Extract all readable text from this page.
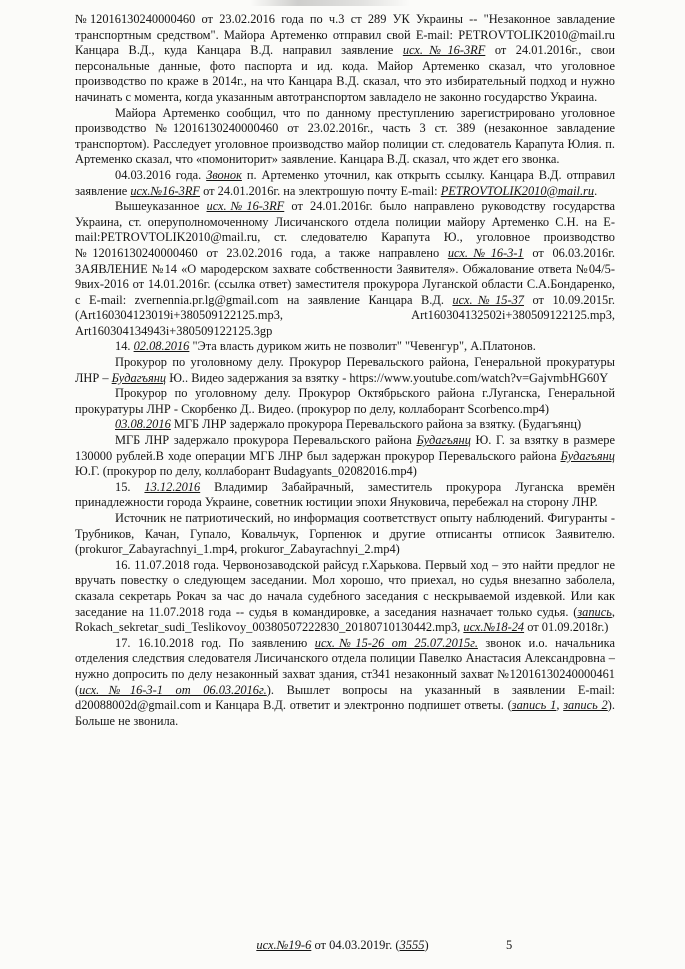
№12016130240000460 от 23.02.2016 года по ч.3 ст 289 УК Украины -- "Незаконное завладение транспортным средством". Майора Артеменко отправил свой E-mail: PETROVTOLIK2010@mail.ru Канцара В.Д., куда Канцара В.Д. направил заявление исх.№16-3RF от 24.01.2016г., свои персональные данные, фото паспорта и ид. кода. Майор Артеменко сказал, что уголовное производство по краже в 2014г., на что Канцара В.Д. сказал, что это избирательный подход и нужно начинать с момента, когда указанным автотранспортом завладело не законно государство Украина.

Майора Артеменко сообщил, что по данному преступлению зарегистрировано уголовное производство №12016130240000460 от 23.02.2016г., часть 3 ст. 389 (незаконное завладение транспортом). Расследует уголовное производство майор полиции ст. следователь Карапута Юлия. п. Артеменко сказал, что «помониторит» заявление. Канцара В.Д. сказал, что ждет его звонка.

04.03.2016 года. Звонок п. Артеменко уточнил, как открыть ссылку. Канцара В.Д. отправил заявление исх.№16-3RF от 24.01.2016г. на электрошую почту E-mail: PETROVTOLIK2010@mail.ru.

Вышеуказанное исх.№16-3RF от 24.01.2016г. было направлено руководству государства Украина, ст. оперуполномоченному Лисичанского отдела полиции майору Артеменко С.Н. на E-mail:PETROVTOLIK2010@mail.ru, ст. следователю Карапута Ю., уголовное производство №12016130240000460 от 23.02.2016 года, а также направлено исх.№16-3-1 от 06.03.2016г. ЗАЯВЛЕНИЕ №14 «О мародерском захвате собственности Заявителя». Обжалование ответа №04/5-9вих-2016 от 14.01.2016г. (ссылка ответ) заместителя прокурора Луганской области С.А.Бондаренко, с E-mail: zvernennia.pr.lg@gmail.com на заявление Канцара В.Д. исх.№15-37 от 10.09.2015г. (Art160304123019i+380509122125.mp3, Art160304132502i+380509122125.mp3, Art160304134943i+380509122125.3gp

14. 02.08.2016 "Эта власть дуриком жить не позволит" "Чевенгур", А.Платонов.

Прокурор по уголовному делу. Прокурор Перевальского района, Генеральной прокуратуры ЛНР – Будагъянц Ю.. Видео задержания за взятку - https://www.youtube.com/watch?v=GajvmbHG60Y

Прокурор по уголовному делу. Прокурор Октябрьского района г.Луганска, Генеральной прокуратуры ЛНР - Скорбенко Д.. Видео. (прокурор по делу, коллаборант Scorbenco.mp4)

03.08.2016 МГБ ЛНР задержало прокурора Перевальского района за взятку. (Будагъянц)

МГБ ЛНР задержало прокурора Перевальского района Будагъянц Ю. Г. за взятку в размере 130000 рублей.В ходе операции МГБ ЛНР был задержан прокурор Перевальского района Будагъянц Ю.Г. (прокурор по делу, коллаборант Budagyants_02082016.mp4)

15. 13.12.2016 Владимир Забайрачный, заместитель прокурора Луганска времён принадлежности города Украине, советник юстиции эпохи Януковича, перебежал на сторону ЛНР.

Источник не патриотический, но информация соответствуст опыту наблюдений. Фигуранты - Трубников, Качан, Гупало, Ковальчук, Горпенюк и другие отписанты отписок Заявителю. (prokuror_Zabayrachnyi_1.mp4, prokuror_Zabayrachnyi_2.mp4)

16. 11.07.2018 года. Червонозаводской райсуд г.Харькова. Первый ход – это найти предлог не вручать повестку о следующем заседании. Мол хорошо, что приехал, но судья внезапно заболела, сказала секретарь Рокач за час до начала судебного заседания с нескрываемой издевкой. Или как заседание на 11.07.2018 года -- судья в командировке, а заседания назначает только судья. (запись, Rokach_sekretar_sudi_Teslikovoy_00380507222830_20180710130442.mp3, исх.№18-24 от 01.09.2018г.)

17. 16.10.2018 год. По заявлению исх.№15-26 от 25.07.2015г. звонок и.о. начальника отделения следствия следователя Лисичанского отдела полиции Павелко Анастасия Александровна – нужно допросить по делу незаконный захват здания, ст341 незаконный захват №12016130240000461 (исх.№16-3-1 от 06.03.2016г.). Вышлет вопросы на указанный в заявлении E-mail: d20088002d@gmail.com и Канцара В.Д. ответит и электронно подпишет ответы. (запись 1, запись 2). Больше не звонила.

исх.№19-6 от 04.03.2019г. (3555)	5
